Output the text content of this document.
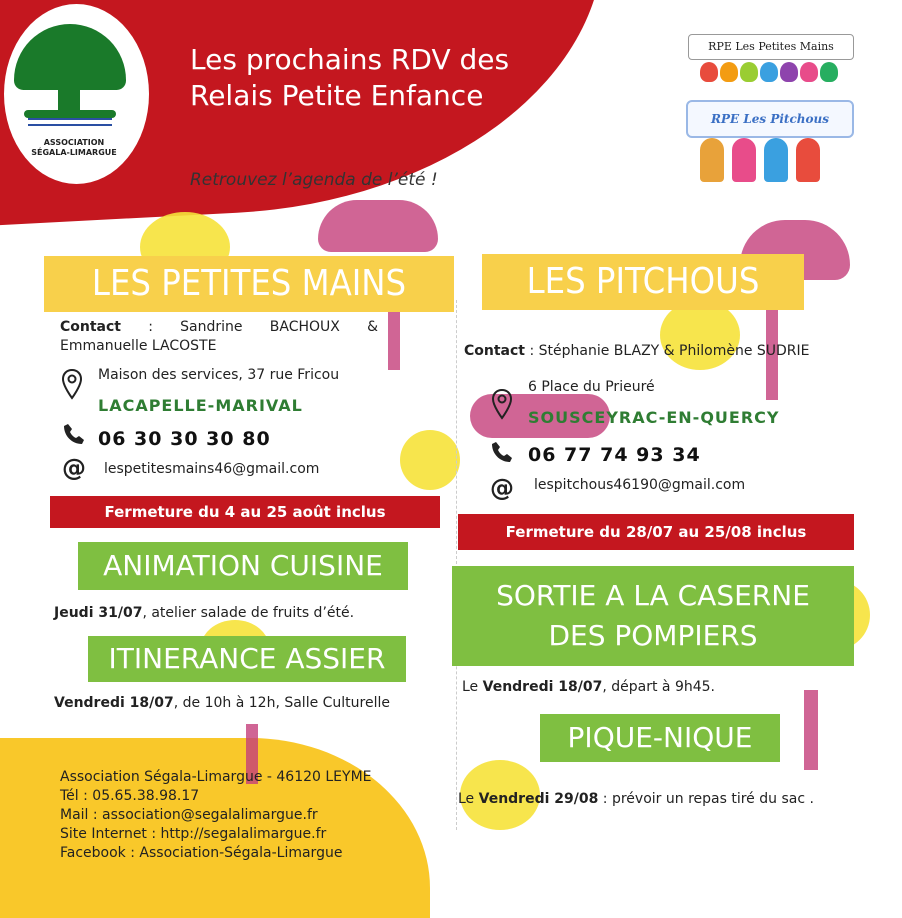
ASSOCIATION
SÉGALA-LIMARGUE
Les prochains RDV des
Relais Petite Enfance
Retrouvez l’agenda de l’été !
RPE Les Petites Mains
RPE Les Pitchous
LES PETITES MAINS
Contact : Sandrine BACHOUX & Emmanuelle LACOSTE
Maison des services, 37 rue Fricou
LACAPELLE-MARIVAL
06 30 30 30 80
@ lespetitesmains46@gmail.com
Fermeture du 4 au 25 août inclus
ANIMATION CUISINE
Jeudi 31/07, atelier salade de fruits d’été.
ITINERANCE ASSIER
Vendredi 18/07, de 10h à 12h, Salle Culturelle
LES PITCHOUS
Contact : Stéphanie BLAZY & Philomène SUDRIE
6 Place du Prieuré
SOUSCEYRAC-EN-QUERCY
06 77 74 93 34
@ lespitchous46190@gmail.com
Fermeture du 28/07 au 25/08 inclus
SORTIE A LA CASERNE
DES POMPIERS
Le Vendredi 18/07, départ à 9h45.
PIQUE-NIQUE
Le Vendredi 29/08 : prévoir un repas tiré du sac .
Association Ségala-Limargue - 46120 LEYME
Tél : 05.65.38.98.17
Mail : association@segalalimargue.fr
Site Internet : http://segalalimargue.fr
Facebook : Association-Ségala-Limargue
